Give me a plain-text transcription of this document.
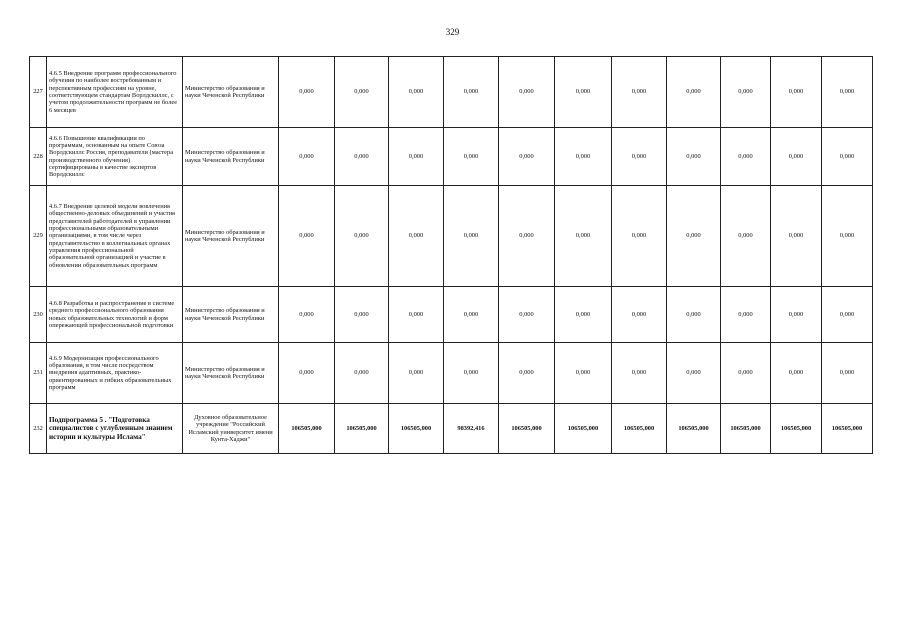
329
227	4.6.5 Внедрение программ профессионального обучения по наиболее востребованным и перспективным профессиям на уровне, соответствующем стандартам Ворлдскиллс, с учетом продолжительности программ не более 6 месяцев	Министерство образования и науки Чеченской Республики	0,000	0,000	0,000	0,000	0,000	0,000	0,000	0,000	0,000	0,000	0,000
228	4.6.6 Повышение квалификации по программам, основанным на опыте Союза Ворлдскиллс Россия, преподаватели (мастера производственного обучения) сертифицированы в качестве экспертов Ворлдскиллс	Министерство образования и науки Чеченской Республики	0,000	0,000	0,000	0,000	0,000	0,000	0,000	0,000	0,000	0,000	0,000
229	4.6.7 Внедрение целевой модели вовлечения общественно-деловых объединений и участия представителей работодателей в управлении профессиональными образовательными организациями, в том числе через представительство в коллегиальных органах управления профессиональной образовательной организацией и участие в обновлении образовательных программ	Министерство образования и науки Чеченской Республики	0,000	0,000	0,000	0,000	0,000	0,000	0,000	0,000	0,000	0,000	0,000
230	4.6.8 Разработка и распространение в системе среднего профессионального образования новых образовательных технологий и форм опережающей профессиональной подготовки	Министерство образования и науки Чеченской Республики	0,000	0,000	0,000	0,000	0,000	0,000	0,000	0,000	0,000	0,000	0,000
231	4.6.9 Модернизация профессионального образования, в том числе посредством внедрения адаптивных, практико-ориентированных и гибких образовательных программ	Министерство образования и науки Чеченской Республики	0,000	0,000	0,000	0,000	0,000	0,000	0,000	0,000	0,000	0,000	0,000
232	Подпрограмма 5 . "Подготовка специалистов с углубленным знанием истории и культуры Ислама"	Духовное образовательное учреждение "Российский Исламский университет имени Кунта-Хаджи"	106505,000	106505,000	106505,000	98392,416	106505,000	106505,000	106505,000	106505,000	106505,000	106505,000	106505,000
